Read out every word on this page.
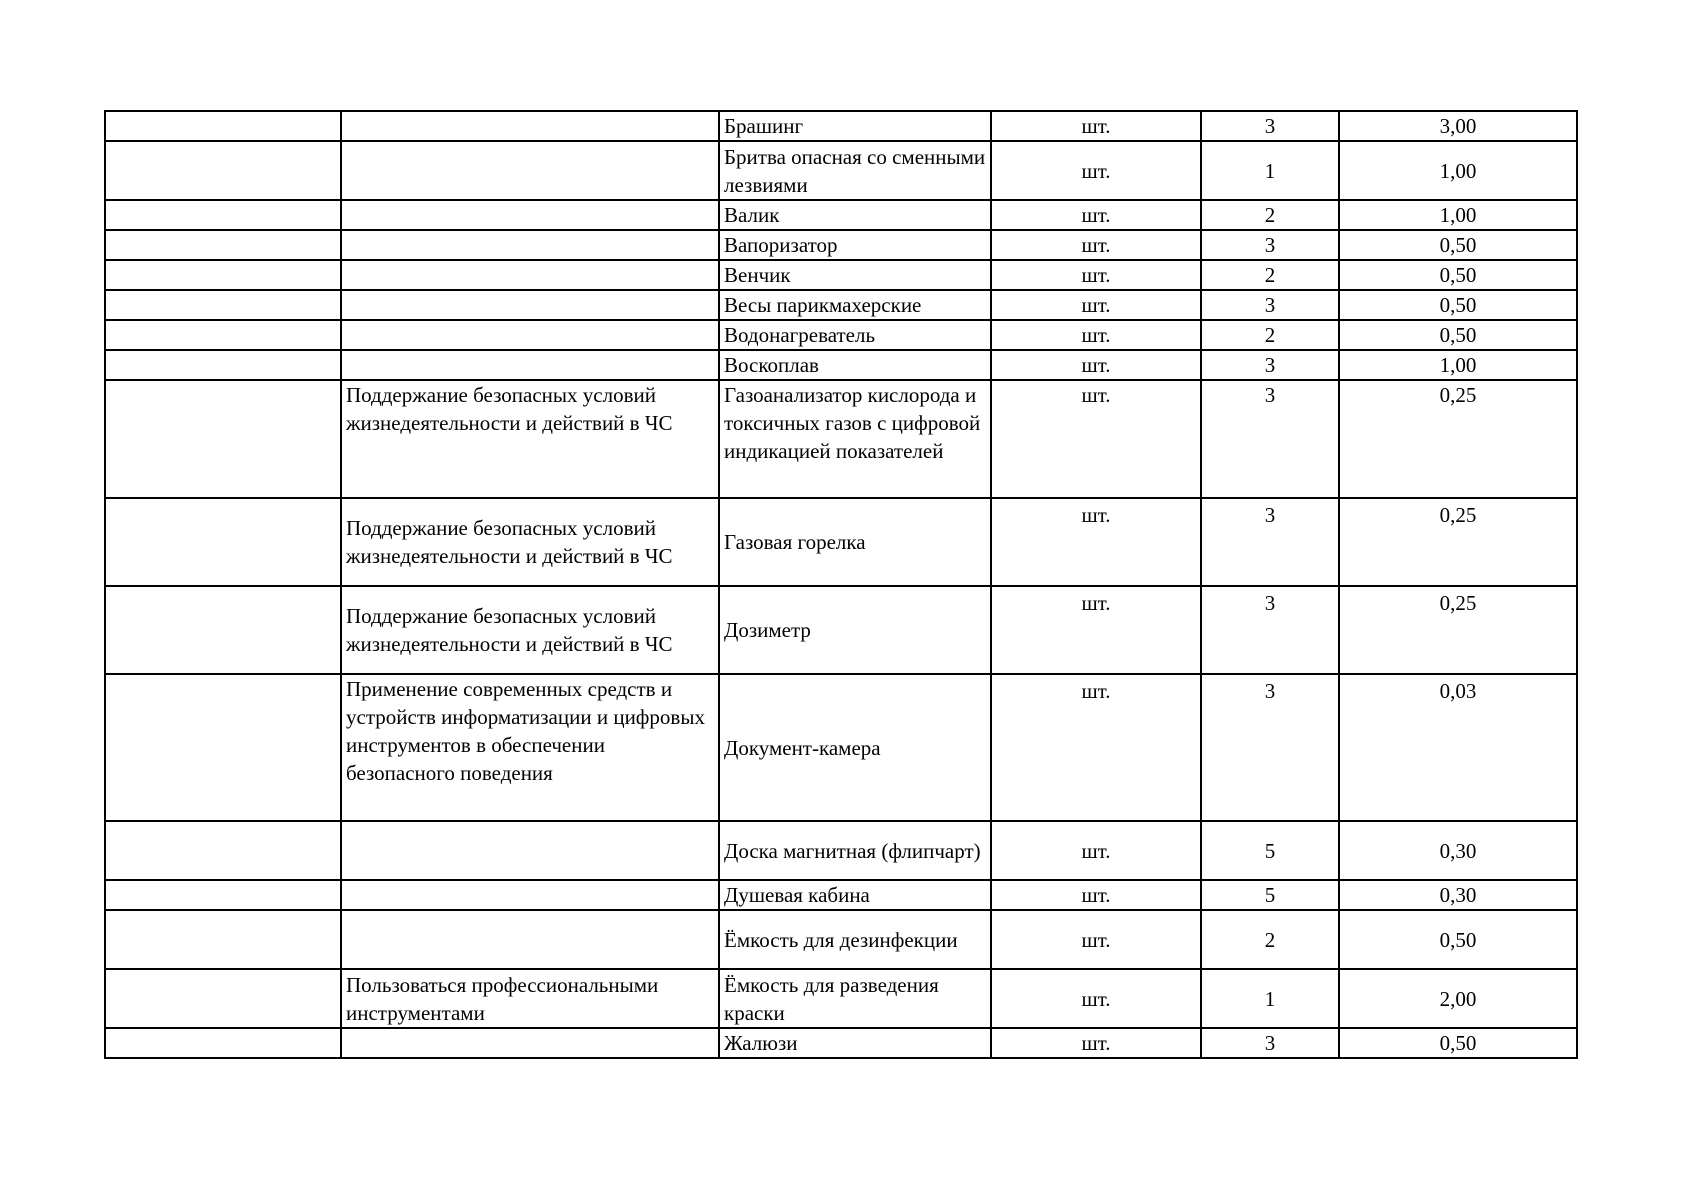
		Брашинг	шт.	3	3,00
		Бритва опасная со сменными лезвиями	шт.	1	1,00
		Валик	шт.	2	1,00
		Вапоризатор	шт.	3	0,50
		Венчик	шт.	2	0,50
		Весы парикмахерские	шт.	3	0,50
		Водонагреватель	шт.	2	0,50
		Воскоплав	шт.	3	1,00
	Поддержание безопасных условий жизнедеятельности и действий в ЧС	Газоанализатор кислорода и токсичных газов с цифровой индикацией показателей	шт.	3	0,25
	Поддержание безопасных условий жизнедеятельности и действий в ЧС	Газовая горелка	шт.	3	0,25
	Поддержание безопасных условий жизнедеятельности и действий в ЧС	Дозиметр	шт.	3	0,25
	Применение современных средств и устройств информатизации и цифровых инструментов в обеспечении безопасного поведения	Документ-камера	шт.	3	0,03
		Доска магнитная (флипчарт)	шт.	5	0,30
		Душевая кабина	шт.	5	0,30
		Ёмкость для дезинфекции	шт.	2	0,50
	Пользоваться профессиональными инструментами	Ёмкость для разведения краски	шт.	1	2,00
		Жалюзи	шт.	3	0,50
